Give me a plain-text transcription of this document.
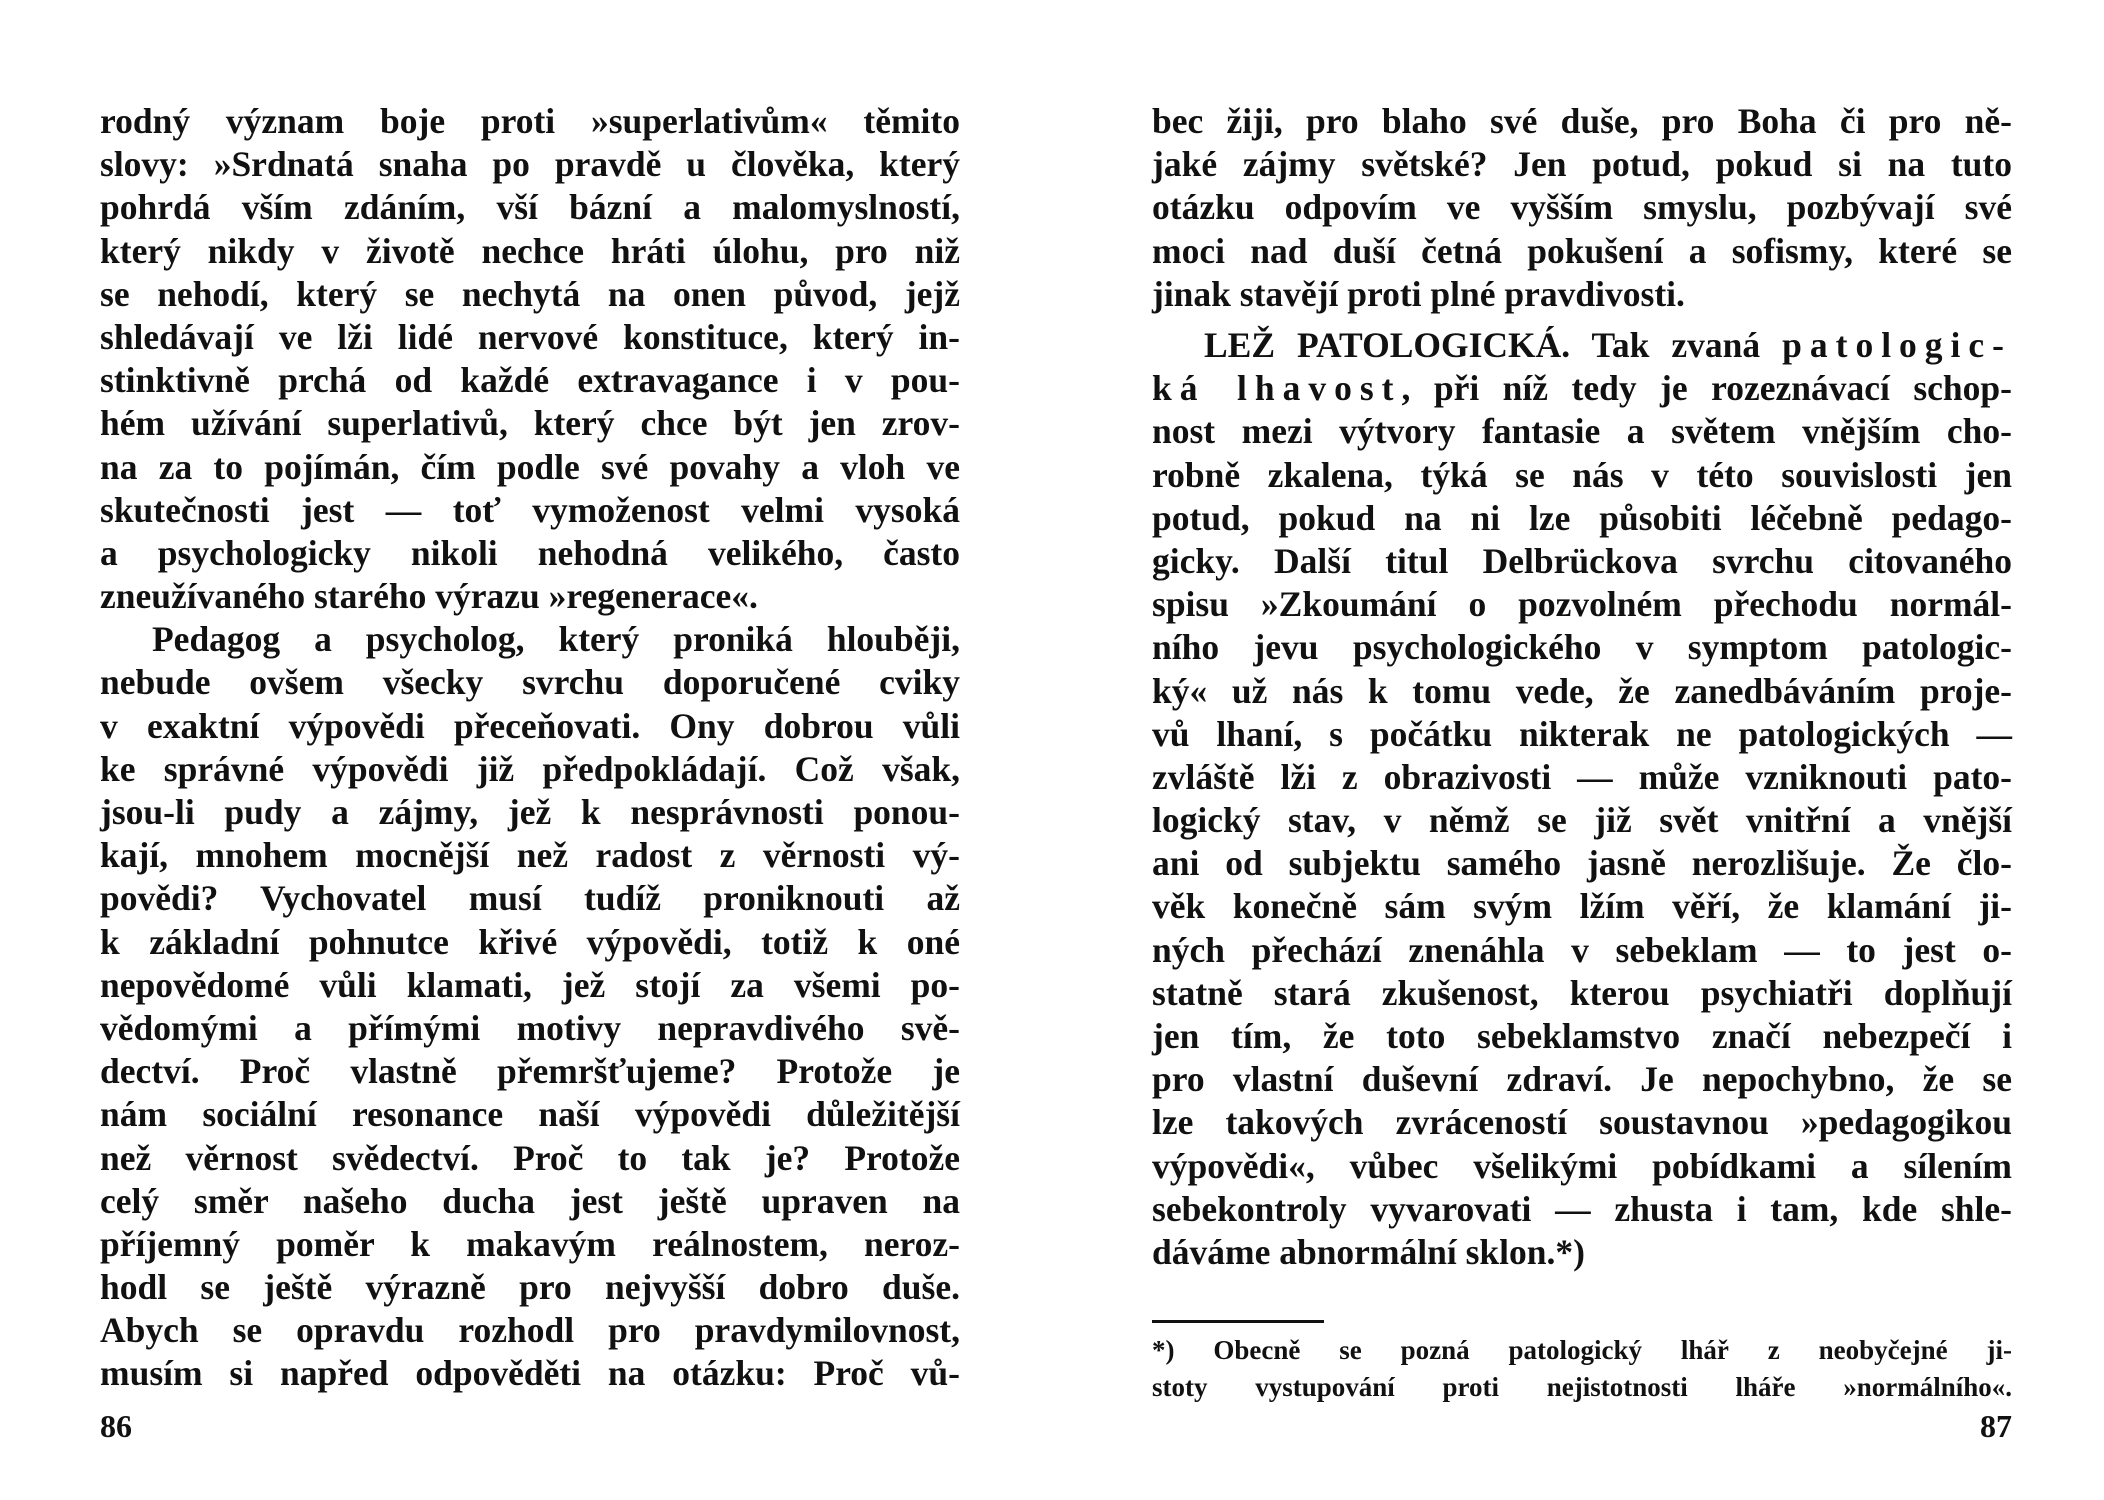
rodný význam boje proti »superlativům« těmito
slovy: »Srdnatá snaha po pravdě u člověka, který
pohrdá vším zdáním, vší bázní a malomyslností,
který nikdy v životě nechce hráti úlohu, pro niž
se nehodí, který se nechytá na onen původ, jejž
shledávají ve lži lidé nervové konstituce, který in-
stinktivně prchá od každé extravagance i v pou-
hém užívání superlativů, který chce být jen zrov-
na za to pojímán, čím podle své povahy a vloh ve
skutečnosti jest — toť vymoženost velmi vysoká
a psychologicky nikoli nehodná velikého, často
zneužívaného starého výrazu »regenerace«.
Pedagog a psycholog, který proniká hlouběji,
nebude ovšem všecky svrchu doporučené cviky
v exaktní výpovědi přeceňovati. Ony dobrou vůli
ke správné výpovědi již předpokládají. Což však,
jsou-li pudy a zájmy, jež k nesprávnosti ponou-
kají, mnohem mocnější než radost z věrnosti vý-
povědi? Vychovatel musí tudíž proniknouti až
k základní pohnutce křivé výpovědi, totiž k oné
nepovědomé vůli klamati, jež stojí za všemi po-
vědomými a přímými motivy nepravdivého svě-
dectví. Proč vlastně přemršťujeme? Protože je
nám sociální resonance naší výpovědi důležitější
než věrnost svědectví. Proč to tak je? Protože
celý směr našeho ducha jest ještě upraven na
příjemný poměr k makavým reálnostem, neroz-
hodl se ještě výrazně pro nejvyšší dobro duše.
Abych se opravdu rozhodl pro pravdymilovnost,
musím si napřed odpověděti na otázku: Proč vů-
86
bec žiji, pro blaho své duše, pro Boha či pro ně-
jaké zájmy světské? Jen potud, pokud si na tuto
otázku odpovím ve vyšším smyslu, pozbývají své
moci nad duší četná pokušení a sofismy, které se
jinak stavějí proti plné pravdivosti.
LEŽ PATOLOGICKÁ. Tak zvaná patologic-
ká lhavost, při níž tedy je rozeznávací schop-
nost mezi výtvory fantasie a světem vnějším cho-
robně zkalena, týká se nás v této souvislosti jen
potud, pokud na ni lze působiti léčebně pedago-
gicky. Další titul Delbrückova svrchu citovaného
spisu »Zkoumání o pozvolném přechodu normál-
ního jevu psychologického v symptom patologic-
ký« už nás k tomu vede, že zanedbáváním proje-
vů lhaní, s počátku nikterak ne patologických —
zvláště lži z obrazivosti — může vzniknouti pato-
logický stav, v němž se již svět vnitřní a vnější
ani od subjektu samého jasně nerozlišuje. Že člo-
věk konečně sám svým lžím věří, že klamání ji-
ných přechází znenáhla v sebeklam — to jest o-
statně stará zkušenost, kterou psychiatři doplňují
jen tím, že toto sebeklamstvo značí nebezpečí i
pro vlastní duševní zdraví. Je nepochybno, že se
lze takových zvráceností soustavnou »pedagogikou
výpovědi«, vůbec všelikými pobídkami a sílením
sebekontroly vyvarovati — zhusta i tam, kde shle-
dáváme abnormální sklon.*)
*) Obecně se pozná patologický lhář z neobyčejné ji-
stoty vystupování proti nejistotnosti lháře »normálního«.
87
